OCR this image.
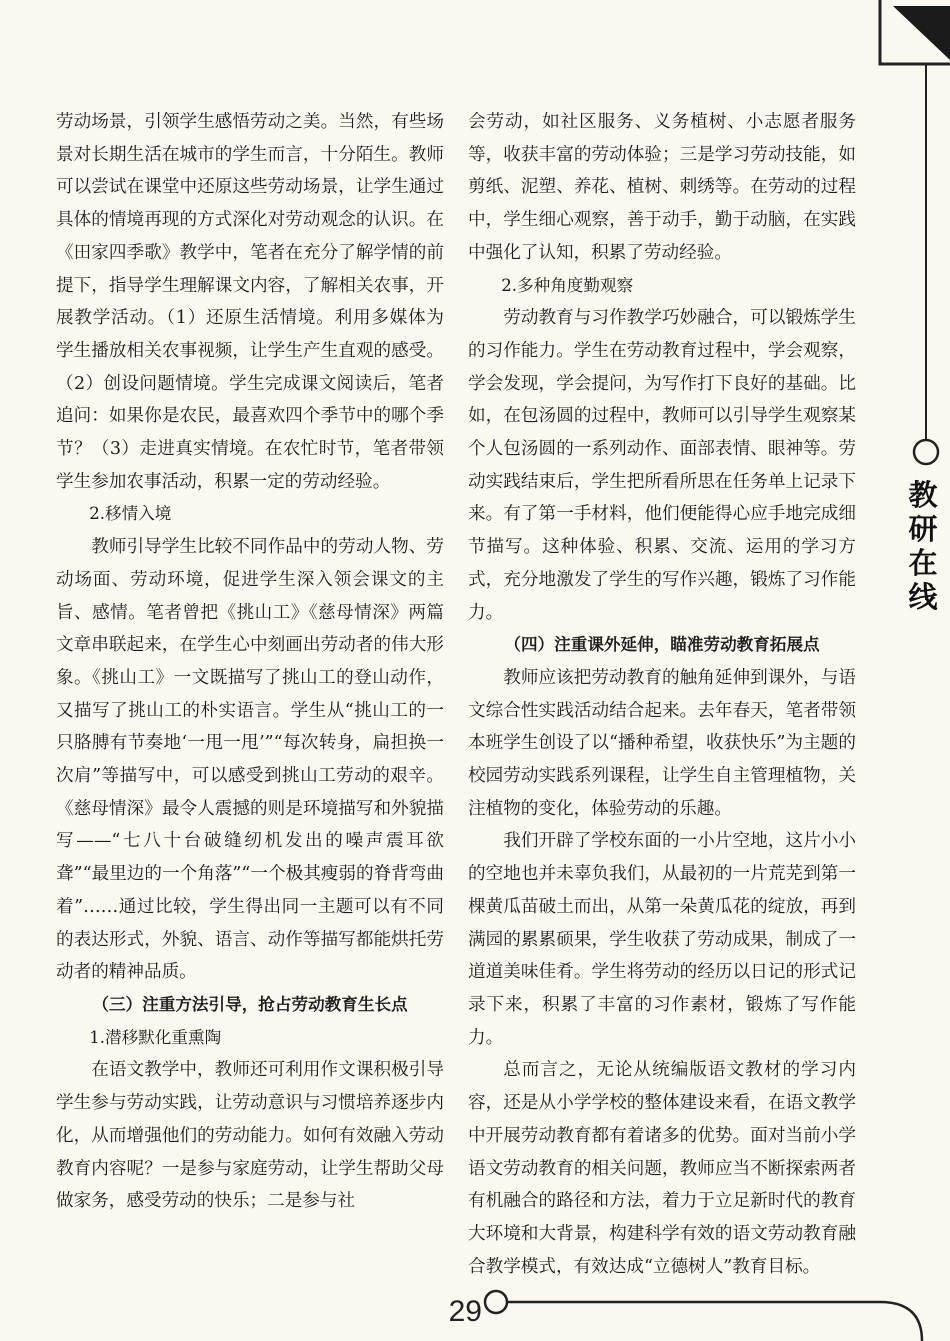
教研在线

劳动场景，引领学生感悟劳动之美。当然，有些场景对长期生活在城市的学生而言，十分陌生。教师可以尝试在课堂中还原这些劳动场景，让学生通过具体的情境再现的方式深化对劳动观念的认识。在《田家四季歌》教学中，笔者在充分了解学情的前提下，指导学生理解课文内容，了解相关农事，开展教学活动。（1）还原生活情境。利用多媒体为学生播放相关农事视频，让学生产生直观的感受。（2）创设问题情境。学生完成课文阅读后，笔者追问：如果你是农民，最喜欢四个季节中的哪个季节？（3）走进真实情境。在农忙时节，笔者带领学生参加农事活动，积累一定的劳动经验。

2.移情入境

教师引导学生比较不同作品中的劳动人物、劳动场面、劳动环境，促进学生深入领会课文的主旨、感情。笔者曾把《挑山工》《慈母情深》两篇文章串联起来，在学生心中刻画出劳动者的伟大形象。《挑山工》一文既描写了挑山工的登山动作，又描写了挑山工的朴实语言。学生从“挑山工的一只胳膊有节奏地‘一甩一甩’”“每次转身，扁担换一次肩”等描写中，可以感受到挑山工劳动的艰辛。《慈母情深》最令人震撼的则是环境描写和外貌描写——“七八十台破缝纫机发出的噪声震耳欲聋”“最里边的一个角落”“一个极其瘦弱的脊背弯曲着”……通过比较，学生得出同一主题可以有不同的表达形式，外貌、语言、动作等描写都能烘托劳动者的精神品质。

（三）注重方法引导，抢占劳动教育生长点
1.潜移默化重熏陶

在语文教学中，教师还可利用作文课积极引导学生参与劳动实践，让劳动意识与习惯培养逐步内化，从而增强他们的劳动能力。如何有效融入劳动教育内容呢？一是参与家庭劳动，让学生帮助父母做家务，感受劳动的快乐；二是参与社

会劳动，如社区服务、义务植树、小志愿者服务等，收获丰富的劳动体验；三是学习劳动技能，如剪纸、泥塑、养花、植树、刺绣等。在劳动的过程中，学生细心观察，善于动手，勤于动脑，在实践中强化了认知，积累了劳动经验。

2.多种角度勤观察

劳动教育与习作教学巧妙融合，可以锻炼学生的习作能力。学生在劳动教育过程中，学会观察，学会发现，学会提问，为写作打下良好的基础。比如，在包汤圆的过程中，教师可以引导学生观察某个人包汤圆的一系列动作、面部表情、眼神等。劳动实践结束后，学生把所看所思在任务单上记录下来。有了第一手材料，他们便能得心应手地完成细节描写。这种体验、积累、交流、运用的学习方式，充分地激发了学生的写作兴趣，锻炼了习作能力。

（四）注重课外延伸，瞄准劳动教育拓展点

教师应该把劳动教育的触角延伸到课外，与语文综合性实践活动结合起来。去年春天，笔者带领本班学生创设了以“播种希望，收获快乐”为主题的校园劳动实践系列课程，让学生自主管理植物，关注植物的变化，体验劳动的乐趣。

我们开辟了学校东面的一小片空地，这片小小的空地也并未辜负我们，从最初的一片荒芜到第一棵黄瓜苗破土而出，从第一朵黄瓜花的绽放，再到满园的累累硕果，学生收获了劳动成果，制成了一道道美味佳肴。学生将劳动的经历以日记的形式记录下来，积累了丰富的习作素材，锻炼了写作能力。

总而言之，无论从统编版语文教材的学习内容，还是从小学学校的整体建设来看，在语文教学中开展劳动教育都有着诸多的优势。面对当前小学语文劳动教育的相关问题，教师应当不断探索两者有机融合的路径和方法，着力于立足新时代的教育大环境和大背景，构建科学有效的语文劳动教育融合教学模式，有效达成“立德树人”教育目标。

29
